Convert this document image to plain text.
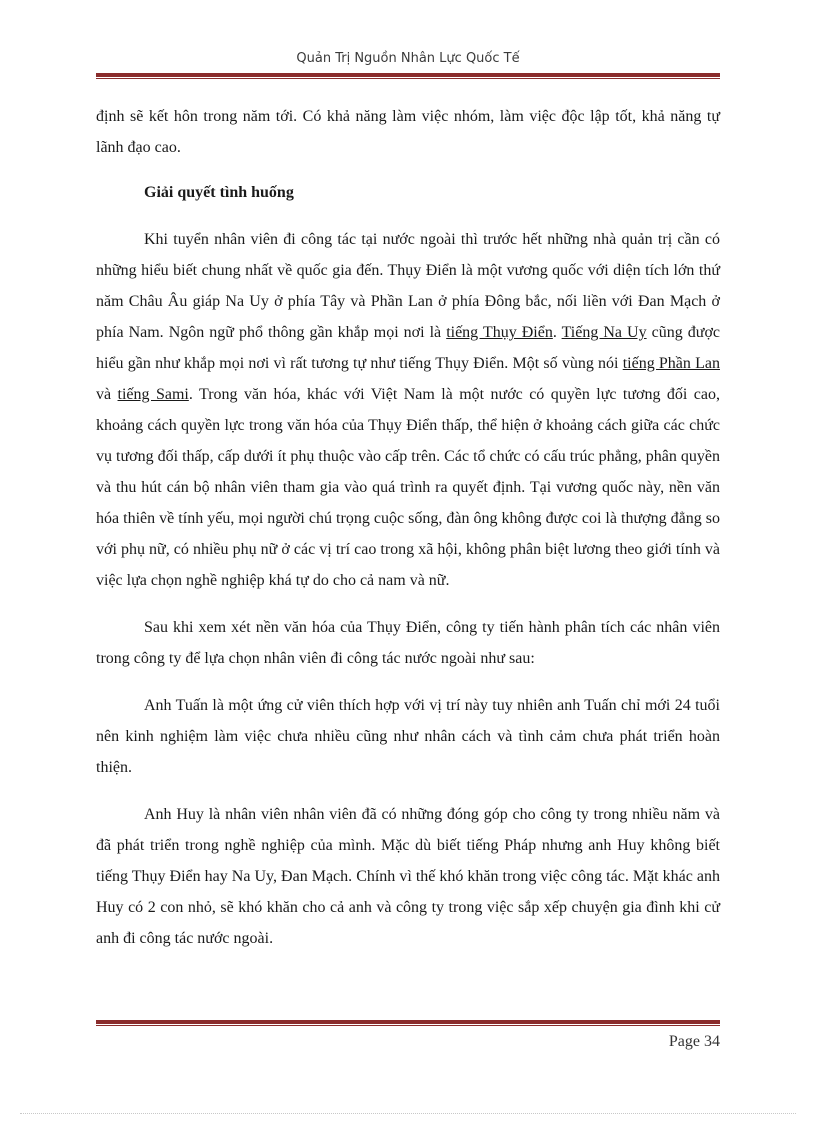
Quản Trị Nguồn Nhân Lực Quốc Tế

định sẽ kết hôn trong năm tới. Có khả năng làm việc nhóm, làm việc độc lập tốt, khả năng tự lãnh đạo cao.

Giải quyết tình huống

Khi tuyển nhân viên đi công tác tại nước ngoài thì trước hết những nhà quản trị cần có những hiểu biết chung nhất về quốc gia đến. Thụy Điển là một vương quốc với diện tích lớn thứ năm Châu Âu giáp Na Uy ở phía Tây và Phần Lan ở phía Đông bắc, nối liền với Đan Mạch ở phía Nam. Ngôn ngữ phổ thông gần khắp mọi nơi là tiếng Thụy Điển. Tiếng Na Uy cũng được hiểu gần như khắp mọi nơi vì rất tương tự như tiếng Thụy Điển. Một số vùng nói tiếng Phần Lan và tiếng Sami. Trong văn hóa, khác với Việt Nam là một nước có quyền lực tương đối cao, khoảng cách quyền lực trong văn hóa của Thụy Điển thấp, thể hiện ở khoảng cách giữa các chức vụ tương đối thấp, cấp dưới ít phụ thuộc vào cấp trên. Các tổ chức có cấu trúc phẳng, phân quyền và thu hút cán bộ nhân viên tham gia vào quá trình ra quyết định. Tại vương quốc này, nền văn hóa thiên về tính yếu, mọi người chú trọng cuộc sống, đàn ông không được coi là thượng đẳng so với phụ nữ, có nhiều phụ nữ ở các vị trí cao trong xã hội, không phân biệt lương theo giới tính và việc lựa chọn nghề nghiệp khá tự do cho cả nam và nữ.

Sau khi xem xét nền văn hóa của Thụy Điển, công ty tiến hành phân tích các nhân viên trong công ty để lựa chọn nhân viên đi công tác nước ngoài như sau:

Anh Tuấn là một ứng cử viên thích hợp với vị trí này tuy nhiên anh Tuấn chỉ mới 24 tuổi nên kinh nghiệm làm việc chưa nhiều cũng như nhân cách và tình cảm chưa phát triển hoàn thiện.

Anh Huy là nhân viên nhân viên đã có những đóng góp cho công ty trong nhiều năm và đã phát triển trong nghề nghiệp của mình. Mặc dù biết tiếng Pháp nhưng anh Huy không biết tiếng Thụy Điển hay Na Uy, Đan Mạch. Chính vì thế khó khăn trong việc công tác. Mặt khác anh Huy có 2 con nhỏ, sẽ khó khăn cho cả anh và công ty trong việc sắp xếp chuyện gia đình khi cử anh đi công tác nước ngoài.

Page 34
